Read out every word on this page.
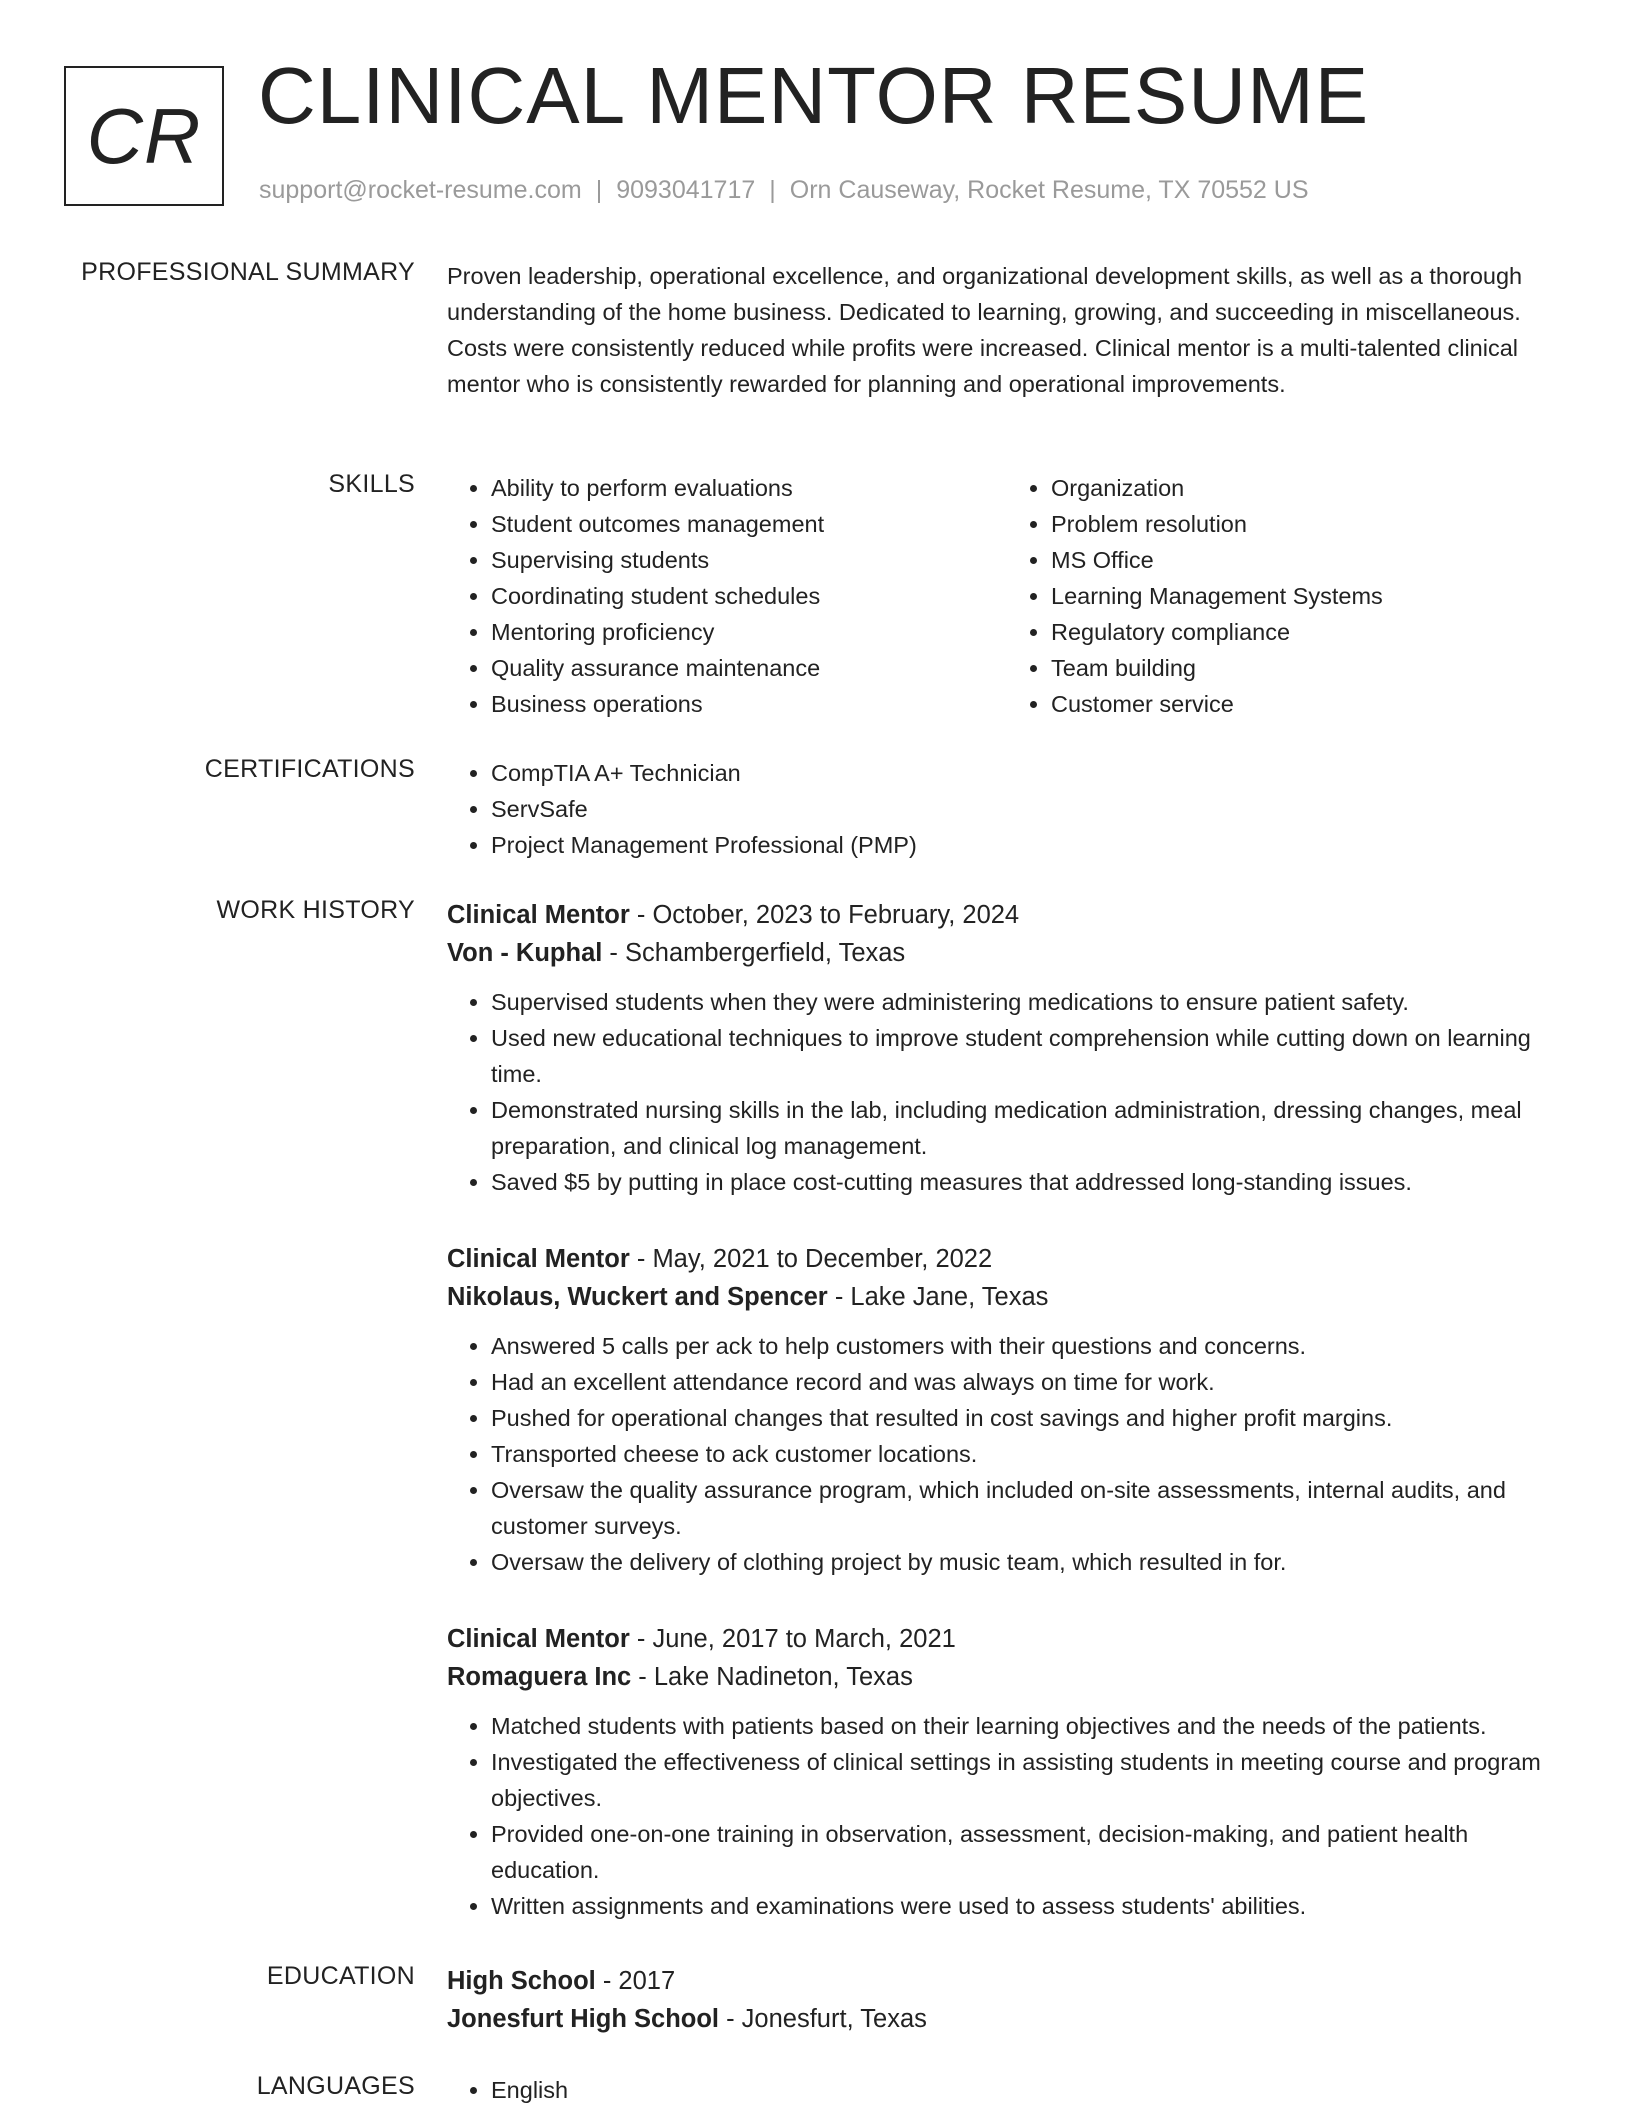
CR CLINICAL MENTOR RESUME
support@rocket-resume.com | 9093041717 | Orn Causeway, Rocket Resume, TX 70552 US
PROFESSIONAL SUMMARY Proven leadership, operational excellence, and organizational development skills, as well as a thorough understanding of the home business. Dedicated to learning, growing, and succeeding in miscellaneous. Costs were consistently reduced while profits were increased. Clinical mentor is a multi-talented clinical mentor who is consistently rewarded for planning and operational improvements.
SKILLS	• Ability to perform evaluations
• Student outcomes management
• Supervising students
• Coordinating student schedules
• Mentoring proficiency
• Quality assurance maintenance
• Business operations
• Organization
• Problem resolution
• MS Office
• Learning Management Systems
• Regulatory compliance
• Team building
• Customer service
CERTIFICATIONS	• CompTIA A+ Technician
• ServSafe
• Project Management Professional (PMP)
WORK HISTORY Clinical Mentor - October, 2023 to February, 2024
Von - Kuphal - Schambergerfield, Texas
• Supervised students when they were administering medications to ensure patient safety.
• Used new educational techniques to improve student comprehension while cutting down on learning time.
• Demonstrated nursing skills in the lab, including medication administration, dressing changes, meal preparation, and clinical log management.
• Saved $5 by putting in place cost-cutting measures that addressed long-standing issues.
Clinical Mentor - May, 2021 to December, 2022
Nikolaus, Wuckert and Spencer - Lake Jane, Texas
• Answered 5 calls per ack to help customers with their questions and concerns.
• Had an excellent attendance record and was always on time for work.
• Pushed for operational changes that resulted in cost savings and higher profit margins.
• Transported cheese to ack customer locations.
• Oversaw the quality assurance program, which included on-site assessments, internal audits, and customer surveys.
• Oversaw the delivery of clothing project by music team, which resulted in for.
Clinical Mentor - June, 2017 to March, 2021
Romaguera Inc - Lake Nadineton, Texas
• Matched students with patients based on their learning objectives and the needs of the patients.
• Investigated the effectiveness of clinical settings in assisting students in meeting course and program objectives.
• Provided one-on-one training in observation, assessment, decision-making, and patient health education.
• Written assignments and examinations were used to assess students' abilities.
EDUCATION High School - 2017
Jonesfurt High School - Jonesfurt, Texas
LANGUAGES	• English
